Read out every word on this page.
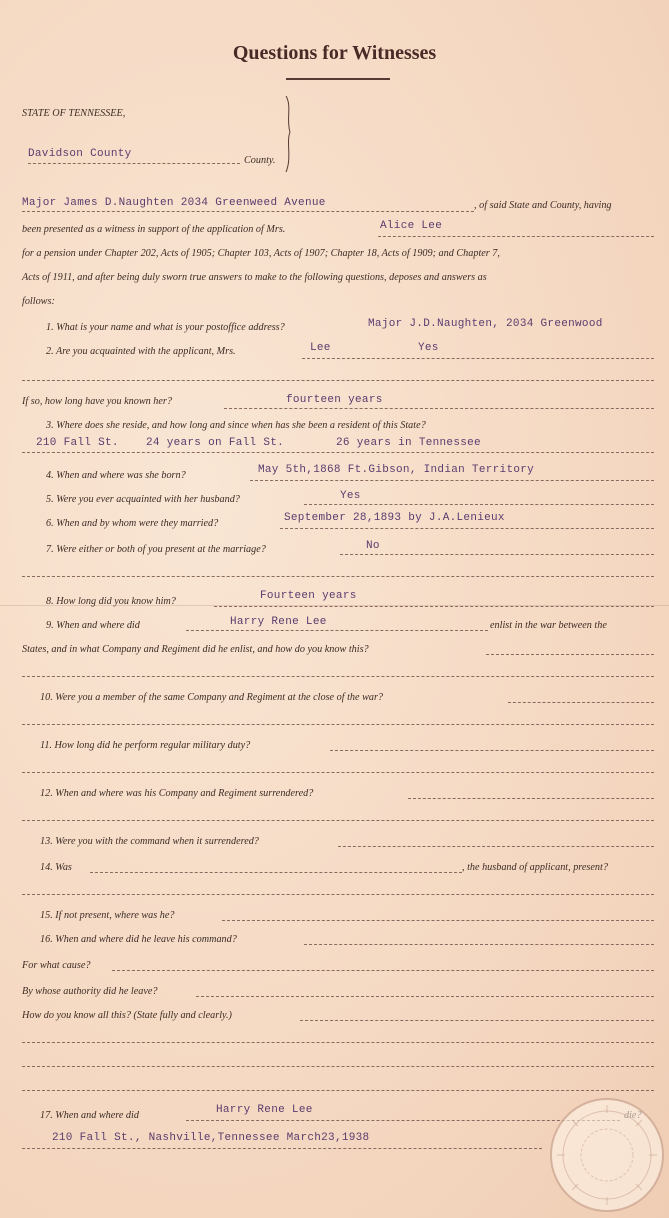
Questions for Witnesses
STATE OF TENNESSEE,
Davidson County
County.
Major James D.Naughten 2034 Greenweed Avenue	, of said State and County, having
been presented as a witness in support of the application of Mrs.	Alice Lee
for a pension under Chapter 202, Acts of 1905; Chapter 103, Acts of 1907; Chapter 18, Acts of 1909; and Chapter 7,
Acts of 1911, and after being duly sworn true answers to make to the following questions, deposes and answers as
follows:
1. What is your name and what is your postoffice address?	Major J.D.Naughten, 2034 Greenwood
2. Are you acquainted with the applicant, Mrs.	Lee	Yes
If so, how long have you known her?	fourteen years
3. Where does she reside, and how long and since when has she been a resident of this State?
210 Fall St. 24 years on Fall St.	26 years in Tennessee
4. When and where was she born?	May 5th,1868 Ft.Gibson, Indian Territory
5. Were you ever acquainted with her husband?	Yes
6. When and by whom were they married?	September 28,1893 by J.A.Lenieux
7. Were either or both of you present at the marriage?	No
8. How long did you know him?	Fourteen years
9. When and where did	Harry Rene Lee	enlist in the war between the
States, and in what Company and Regiment did he enlist, and how do you know this?
10. Were you a member of the same Company and Regiment at the close of the war?
11. How long did he perform regular military duty?
12. When and where was his Company and Regiment surrendered?
13. Were you with the command when it surrendered?
14. Was	, the husband of applicant, present?
15. If not present, where was he?
16. When and where did he leave his command?
For what cause?
By whose authority did he leave?
How do you know all this? (State fully and clearly.)
17. When and where did	Harry Rene Lee
210 Fall St., Nashville,Tennessee March23,1938
